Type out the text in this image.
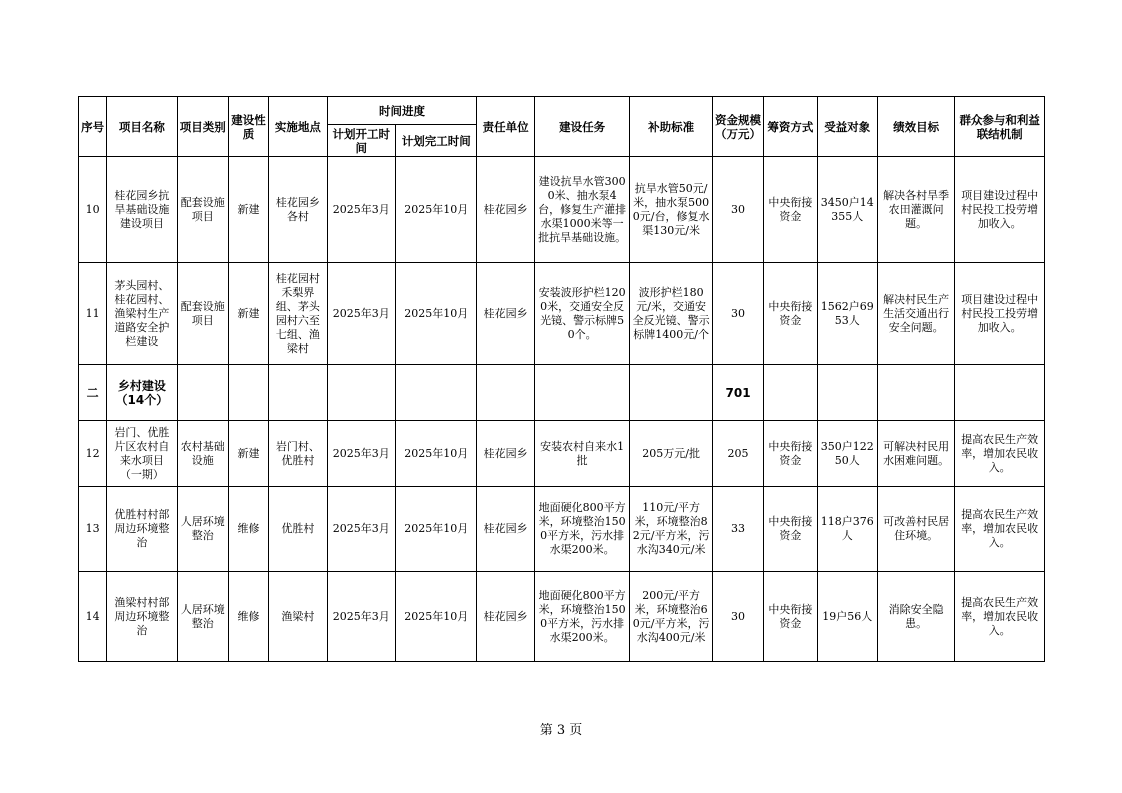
序号	项目名称	项目类别	建设性质	实施地点	时间进度		责任单位	建设任务	补助标准	资金规模（万元）	筹资方式	受益对象	绩效目标	群众参与和利益联结机制
					计划开工时间	计划完工时间								
10	桂花园乡抗旱基础设施建设项目	配套设施项目	新建	桂花园乡各村	2025年3月	2025年10月	桂花园乡	建设抗旱水管3000米、抽水泵4台，修复生产灌排水渠1000米等一批抗旱基础设施。	抗旱水管50元/米，抽水泵5000元/台，修复水渠130元/米	30	中央衔接资金	3450户14355人	解决各村旱季农田灌溉问题。	项目建设过程中村民投工投劳增加收入。
11	茅头园村、桂花园村、渔梁村生产道路安全护栏建设	配套设施项目	新建	桂花园村禾梨界组、茅头园村六至七组、渔梁村	2025年3月	2025年10月	桂花园乡	安装波形护栏1200米，交通安全反光镜、警示标牌50个。	波形护栏180元/米，交通安全反光镜、警示标牌1400元/个	30	中央衔接资金	1562户6953人	解决村民生产生活交通出行安全问题。	项目建设过程中村民投工投劳增加收入。
二	乡村建设（14个）									701				
12	岩门、优胜片区农村自来水项目（一期）	农村基础设施	新建	岩门村、优胜村	2025年3月	2025年10月	桂花园乡	安装农村自来水1批	205万元/批	205	中央衔接资金	350户12250人	可解决村民用水困难问题。	提高农民生产效率，增加农民收入。
13	优胜村村部周边环境整治	人居环境整治	维修	优胜村	2025年3月	2025年10月	桂花园乡	地面硬化800平方米，环境整治1500平方米，污水排水渠200米。	110元/平方米，环境整治82元/平方米，污水沟340元/米	33	中央衔接资金	118户376人	可改善村民居住环境。	提高农民生产效率，增加农民收入。
14	渔梁村村部周边环境整治	人居环境整治	维修	渔梁村	2025年3月	2025年10月	桂花园乡	地面硬化800平方米，环境整治1500平方米，污水排水渠200米。	200元/平方米，环境整治60元/平方米，污水沟400元/米	30	中央衔接资金	19户56人	消除安全隐患。	提高农民生产效率，增加农民收入。
第 3 页
